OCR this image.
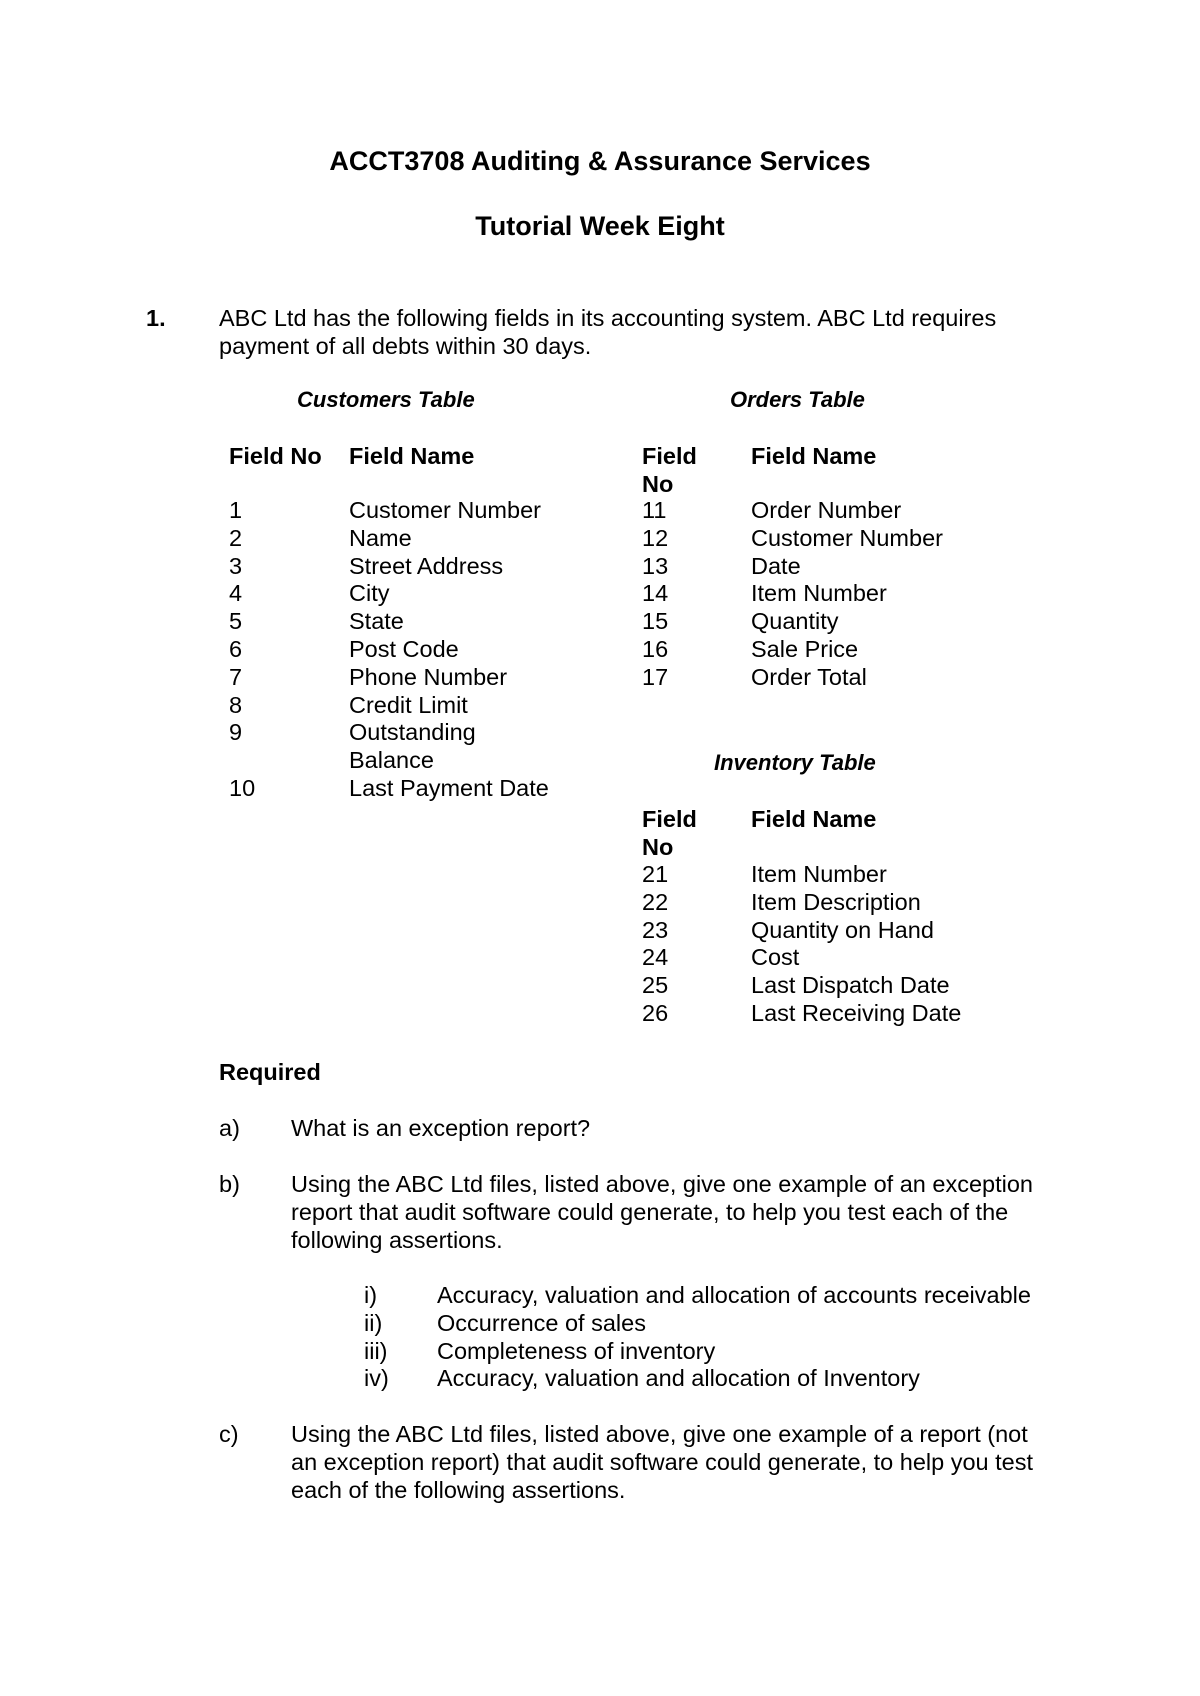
ACCT3708 Auditing & Assurance Services
Tutorial Week Eight
1. ABC Ltd has the following fields in its accounting system. ABC Ltd requires
payment of all debts within 30 days.
Customers Table
Field No Field Name
1
2
3
4
5
6
7
8
9
10
Customer Number
Name
Street Address
City
State
Post Code
Phone Number
Credit Limit
Outstanding
Balance
Last Payment Date
Orders Table
Field
No
Field Name
11
12
13
14
15
16
17
Order Number
Customer Number
Date
Item Number
Quantity
Sale Price
Order Total
Inventory Table
Field
No
Field Name
21
22
23
24
25
26
Item Number
Item Description
Quantity on Hand
Cost
Last Dispatch Date
Last Receiving Date
Required
a) What is an exception report?
b) Using the ABC Ltd files, listed above, give one example of an exception
report that audit software could generate, to help you test each of the
following assertions.
i)
ii)
iii)
iv)
Accuracy, valuation and allocation of accounts receivable
Occurrence of sales
Completeness of inventory
Accuracy, valuation and allocation of Inventory
c) Using the ABC Ltd files, listed above, give one example of a report (not
an exception report) that audit software could generate, to help you test
each of the following assertions.
